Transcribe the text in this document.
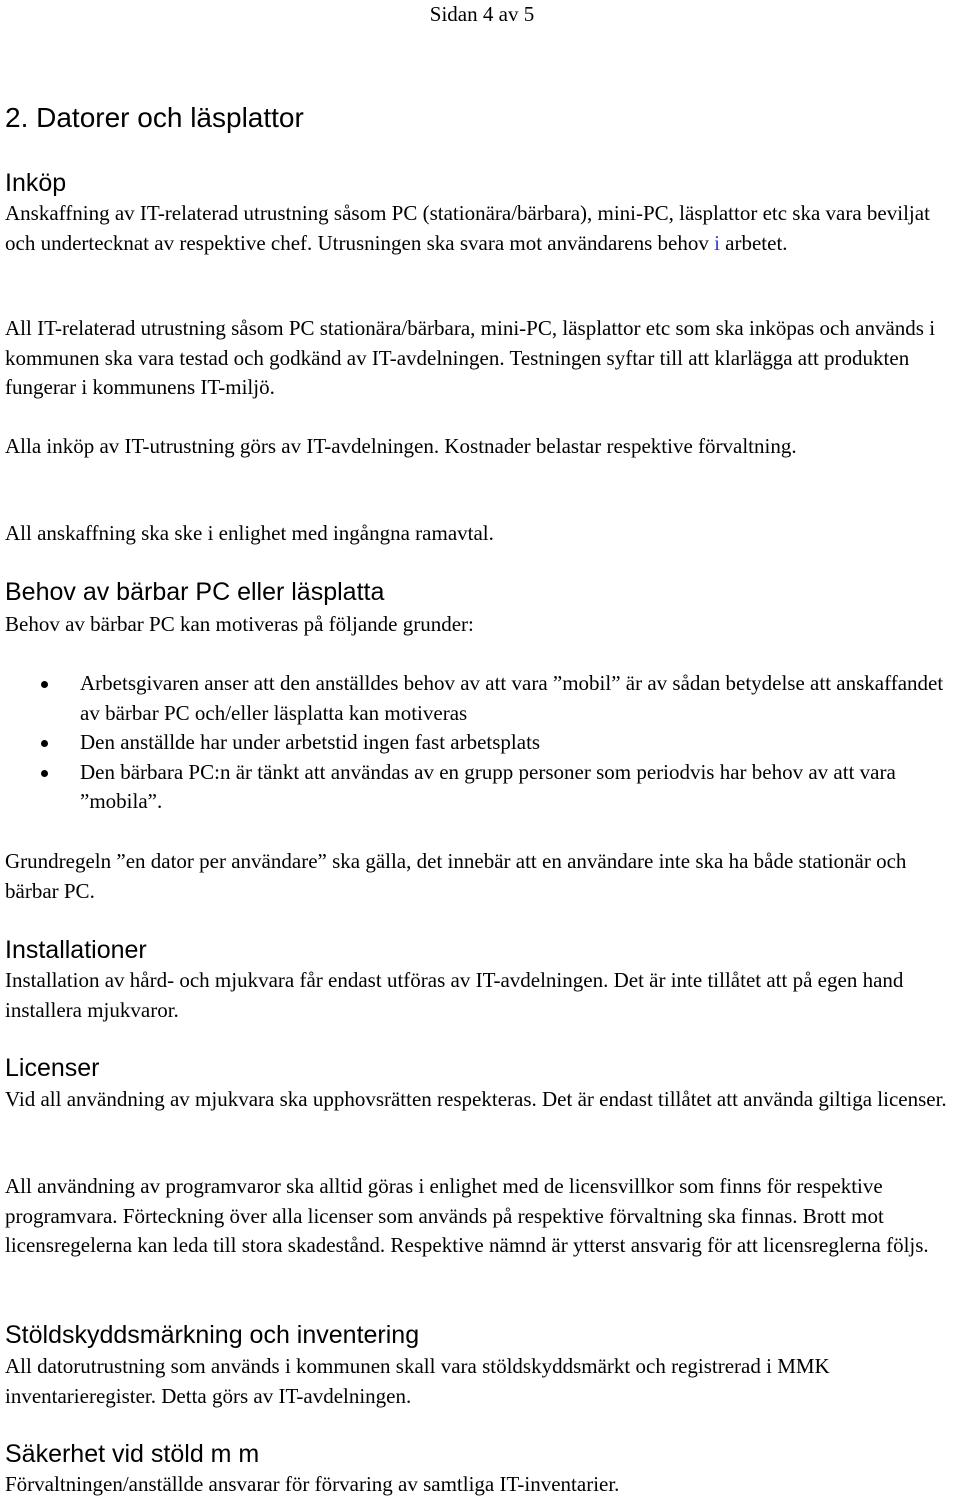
Sidan 4 av 5
2. Datorer och läsplattor
Inköp

Anskaffning av IT-relaterad utrustning såsom PC (stationära/bärbara), mini-PC, läsplattor etc ska vara beviljat och undertecknat av respektive chef. Utrusningen ska svara mot användarens behov i arbetet.

All IT-relaterad utrustning såsom PC stationära/bärbara, mini-PC, läsplattor etc som ska inköpas och används i kommunen ska vara testad och godkänd av IT-avdelningen. Testningen syftar till att klarlägga att produkten fungerar i kommunens IT-miljö.

Alla inköp av IT-utrustning görs av IT-avdelningen. Kostnader belastar respektive förvaltning.

All anskaffning ska ske i enlighet med ingångna ramavtal.

Behov av bärbar PC eller läsplatta

Behov av bärbar PC kan motiveras på följande grunder:

Arbetsgivaren anser att den anställdes behov av att vara ”mobil” är av sådan betydelse att anskaffandet av bärbar PC och/eller läsplatta kan motiveras
Den anställde har under arbetstid ingen fast arbetsplats
Den bärbara PC:n är tänkt att användas av en grupp personer som periodvis har behov av att vara ”mobila”.

Grundregeln ”en dator per användare” ska gälla, det innebär att en användare inte ska ha både stationär och bärbar PC.

Installationer

Installation av hård- och mjukvara får endast utföras av IT-avdelningen. Det är inte tillåtet att på egen hand installera mjukvaror.

Licenser

Vid all användning av mjukvara ska upphovsrätten respekteras. Det är endast tillåtet att använda giltiga licenser.

All användning av programvaror ska alltid göras i enlighet med de licensvillkor som finns för respektive programvara. Förteckning över alla licenser som används på respektive förvaltning ska finnas. Brott mot licensregelerna kan leda till stora skadestånd. Respektive nämnd är ytterst ansvarig för att licensreglerna följs.

Stöldskyddsmärkning och inventering

All datorutrustning som används i kommunen skall vara stöldskyddsmärkt och registrerad i MMK inventarieregister. Detta görs av IT-avdelningen.

Säkerhet vid stöld m m

Förvaltningen/anställde ansvarar för förvaring av samtliga IT-inventarier.
